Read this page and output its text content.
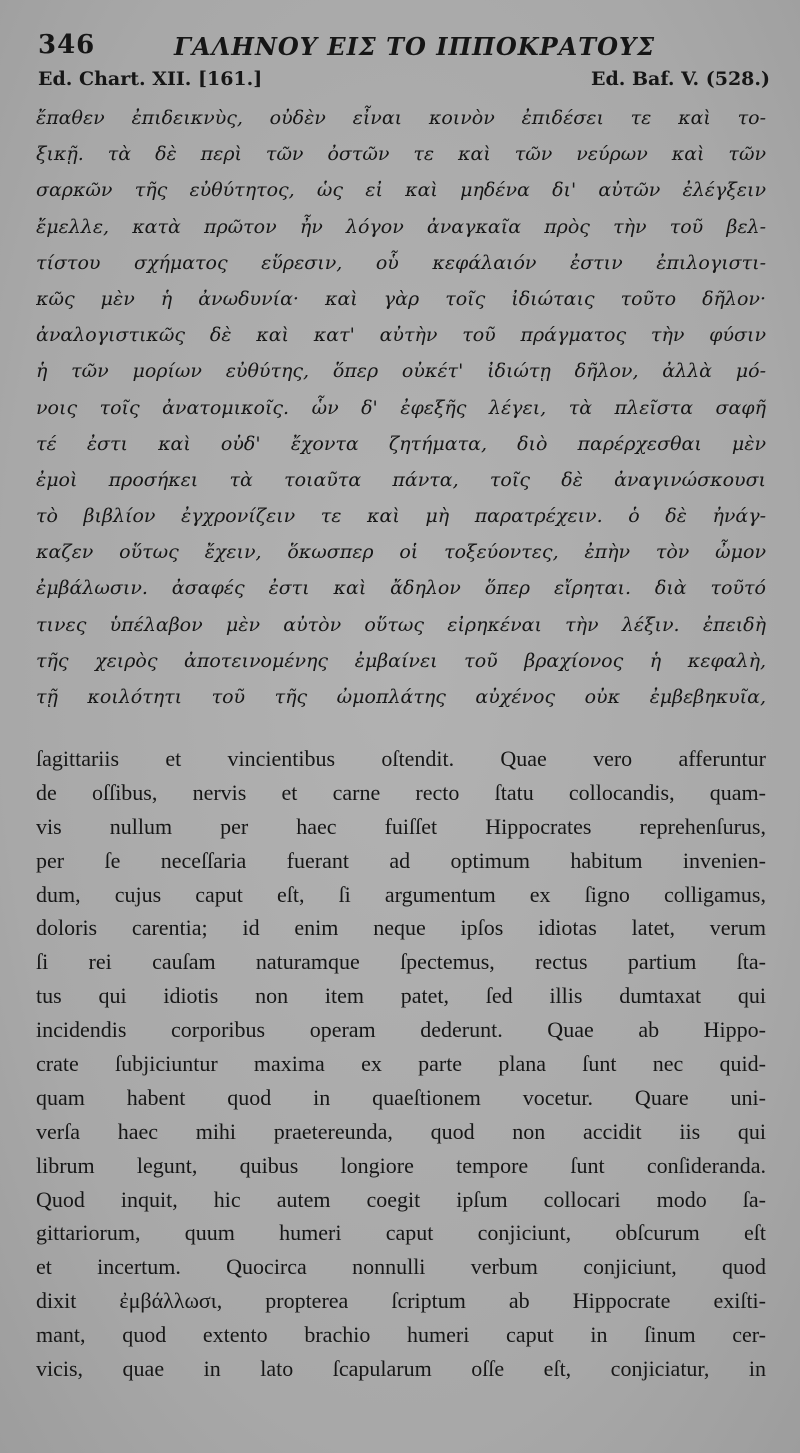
346	ΓΑΛΗΝΟΥ ΕΙΣ ΤΟ ΙΠΠΟΚΡΑΤΟΥΣ
Ed. Chart. XII. [161.]	Ed. Baf. V. (528.)
ἔπαθεν ἐπιδεικνὺς, οὐδὲν εἶναι κοινὸν ἐπιδέσει τε καὶ το-
ξικῇ. τὰ δὲ περὶ τῶν ὀστῶν τε καὶ τῶν νεύρων καὶ τῶν
σαρκῶν τῆς εὐθύτητος, ὡς εἰ καὶ μηδένα δι' αὐτῶν ἐλέγξειν
ἔμελλε, κατὰ πρῶτον ἦν λόγον ἀναγκαῖα πρὸς τὴν τοῦ βελ-
τίστου σχήματος εὕρεσιν, οὗ κεφάλαιόν ἐστιν ἐπιλογιστι-
κῶς μὲν ἡ ἀνωδυνία· καὶ γὰρ τοῖς ἰδιώταις τοῦτο δῆλον·
ἀναλογιστικῶς δὲ καὶ κατ' αὐτὴν τοῦ πράγματος τὴν φύσιν
ἡ τῶν μορίων εὐθύτης, ὅπερ οὐκέτ' ἰδιώτῃ δῆλον, ἀλλὰ μό-
νοις τοῖς ἀνατομικοῖς. ὧν δ' ἐφεξῆς λέγει, τὰ πλεῖστα σαφῆ
τέ ἐστι καὶ οὐδ' ἔχοντα ζητήματα, διὸ παρέρχεσθαι μὲν
ἐμοὶ προσήκει τὰ τοιαῦτα πάντα, τοῖς δὲ ἀναγινώσκουσι
τὸ βιβλίον ἐγχρονίζειν τε καὶ μὴ παρατρέχειν. ὁ δὲ ἠνάγ-
καζεν οὕτως ἔχειν, ὅκωσπερ οἱ τοξεύοντες, ἐπὴν τὸν ὦμον
ἐμβάλωσιν. ἀσαφές ἐστι καὶ ἄδηλον ὅπερ εἴρηται. διὰ τοῦτό
τινες ὑπέλαβον μὲν αὐτὸν οὕτως εἰρηκέναι τὴν λέξιν. ἐπειδὴ
τῆς χειρὸς ἀποτεινομένης ἐμβαίνει τοῦ βραχίονος ἡ κεφαλὴ,
τῇ κοιλότητι τοῦ τῆς ὠμοπλάτης αὐχένος οὐκ ἐμβεβηκυῖα,
ſagittariis et vincientibus oſtendit. Quae vero afferuntur
de oſſibus, nervis et carne recto ſtatu collocandis, quam-
vis nullum per haec fuiſſet Hippocrates reprehenſurus,
per ſe neceſſaria fuerant ad optimum habitum invenien-
dum, cujus caput eſt, ſi argumentum ex ſigno colligamus,
doloris carentia; id enim neque ipſos idiotas latet, verum
ſi rei cauſam naturamque ſpectemus, rectus partium ſta-
tus qui idiotis non item patet, ſed illis dumtaxat qui
incidendis corporibus operam dederunt. Quae ab Hippo-
crate ſubjiciuntur maxima ex parte plana ſunt nec quid-
quam habent quod in quaeſtionem vocetur. Quare uni-
verſa haec mihi praetereunda, quod non accidit iis qui
librum legunt, quibus longiore tempore ſunt conſideranda.
Quod inquit, hic autem coegit ipſum collocari modo ſa-
gittariorum, quum humeri caput conjiciunt, obſcurum eſt
et incertum. Quocirca nonnulli verbum conjiciunt, quod
dixit ἐμβάλλωσι, propterea ſcriptum ab Hippocrate exiſti-
mant, quod extento brachio humeri caput in ſinum cer-
vicis, quae in lato ſcapularum oſſe eſt, conjiciatur, in
